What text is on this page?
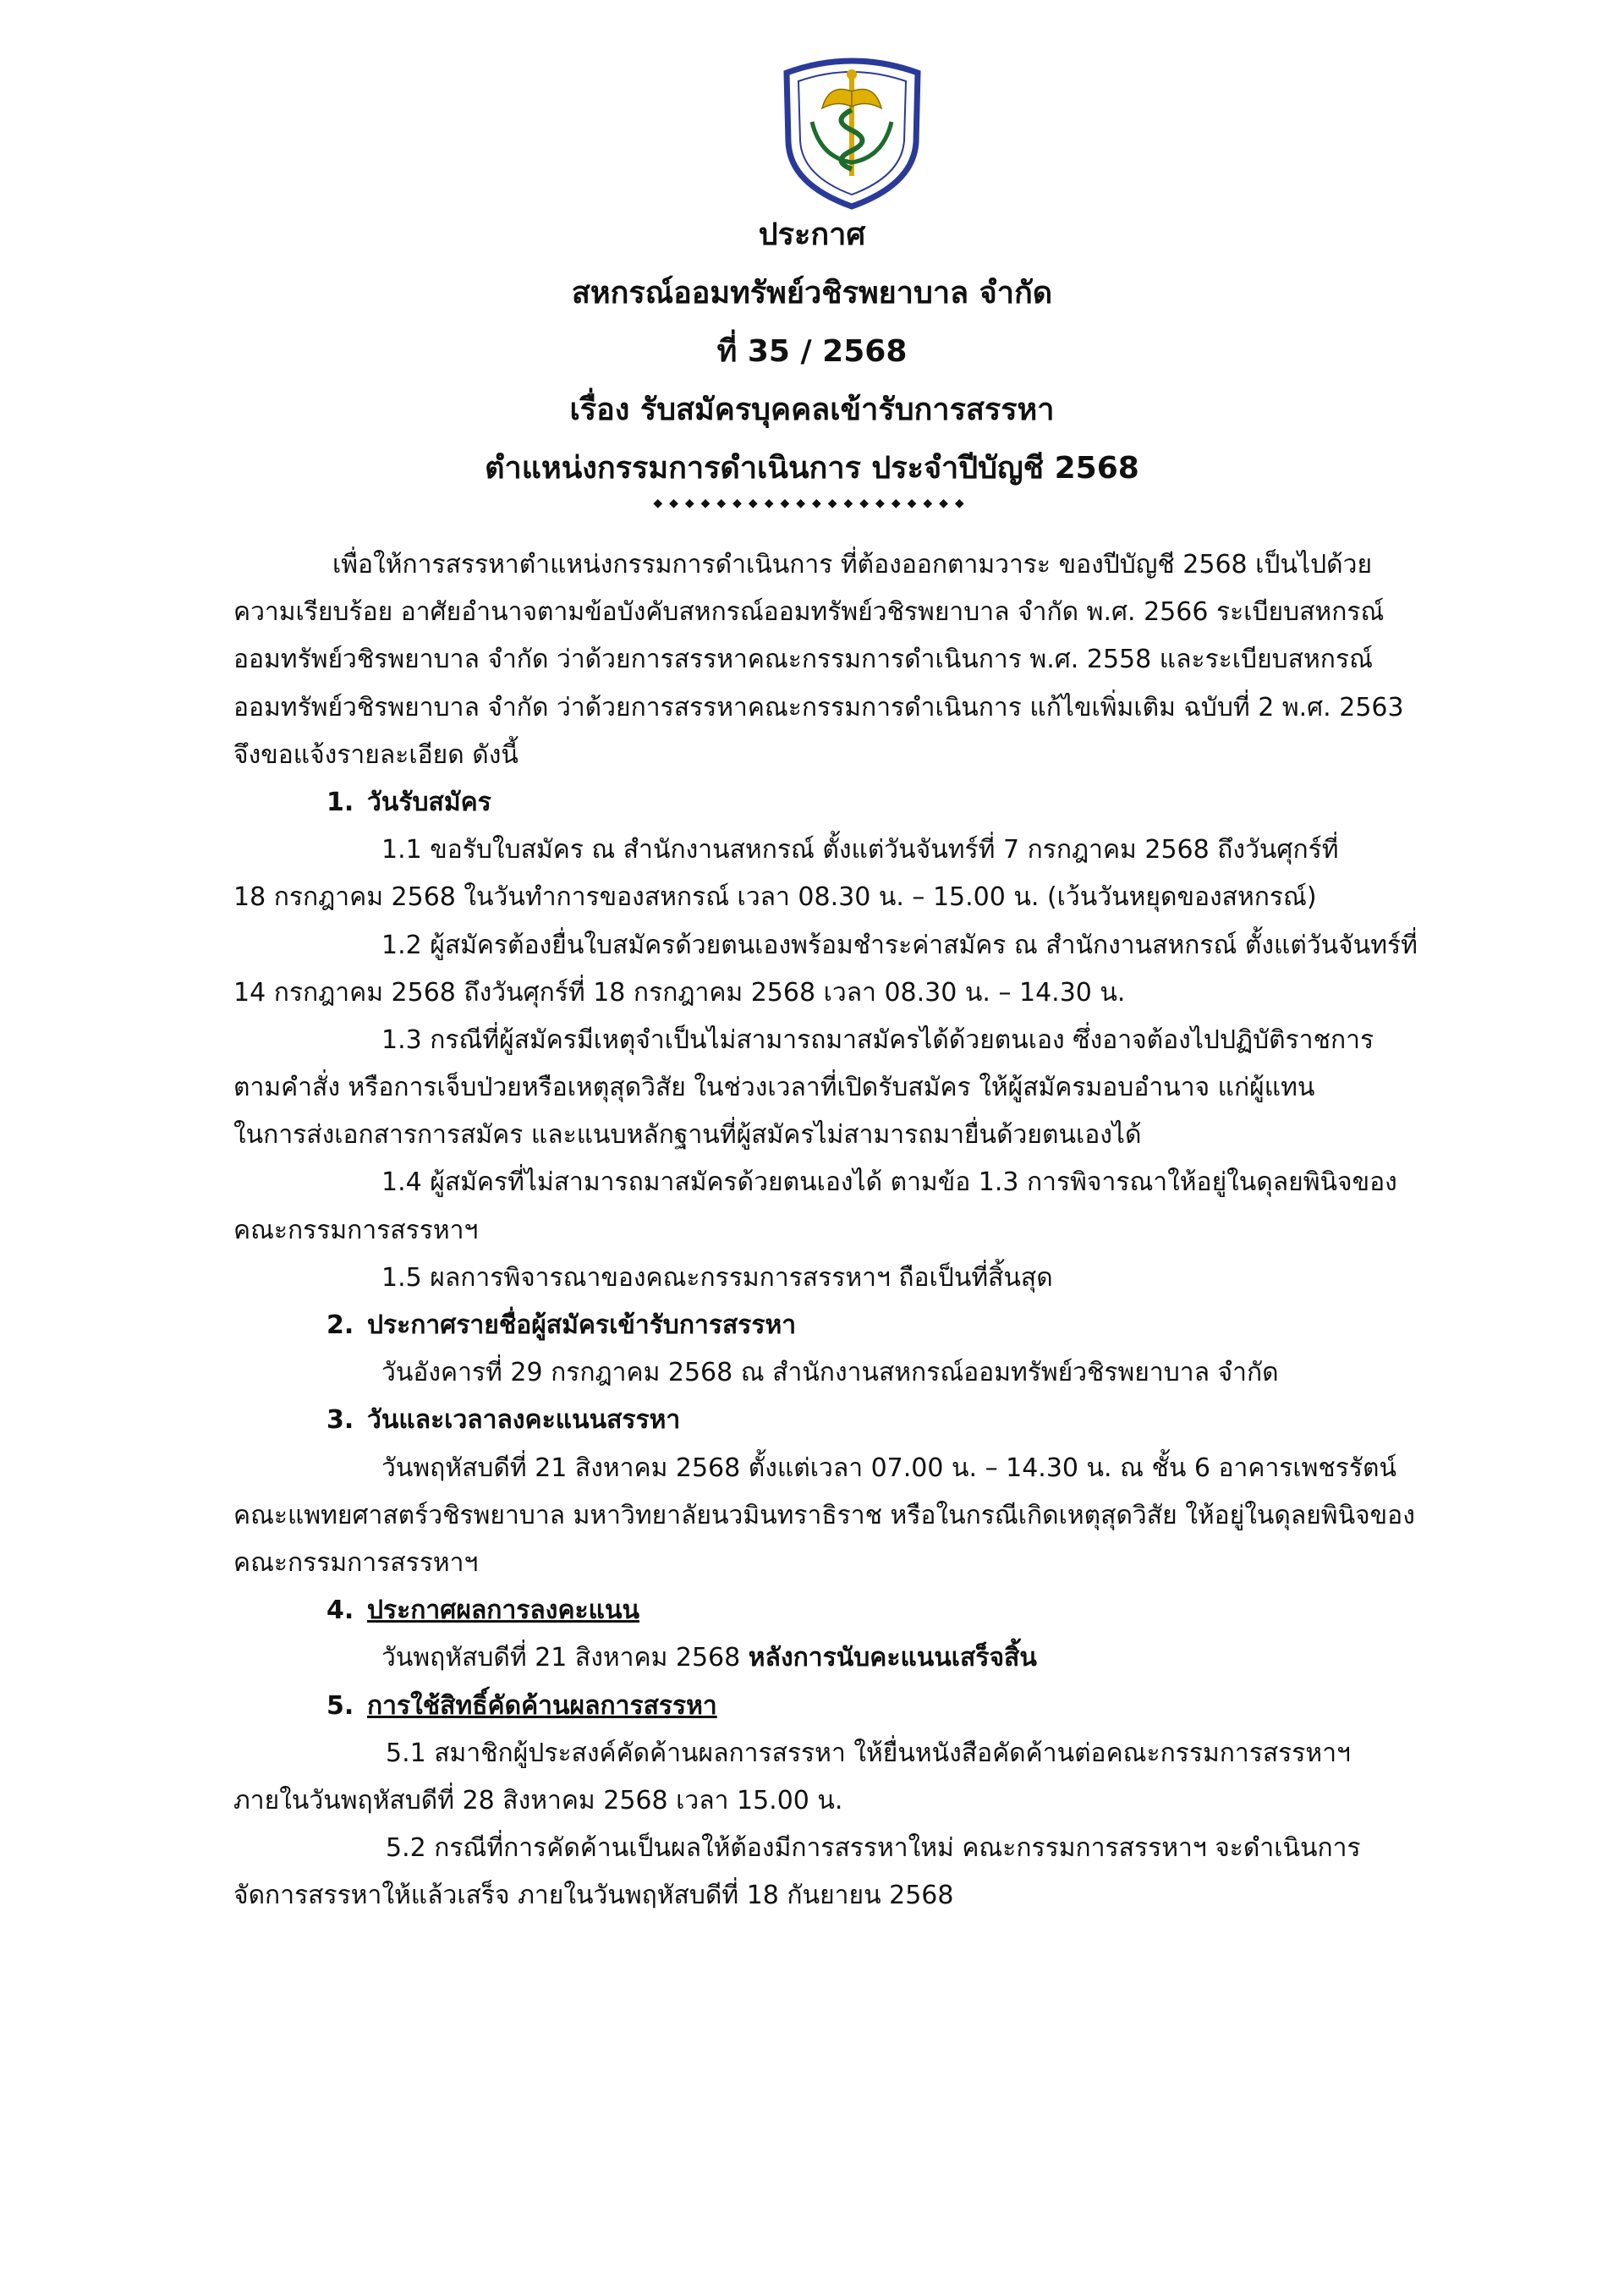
ประกาศ
สหกรณ์ออมทรัพย์วชิรพยาบาล จำกัด
ที่ 35 / 2568
เรื่อง รับสมัครบุคคลเข้ารับการสรรหา
ตำแหน่งกรรมการดำเนินการ ประจำปีบัญชี 2568
◆◆◆◆◆◆◆◆◆◆◆◆◆◆◆◆◆◆◆◆
เพื่อให้การสรรหาตำแหน่งกรรมการดำเนินการ ที่ต้องออกตามวาระ ของปีบัญชี 2568 เป็นไปด้วย
ความเรียบร้อย อาศัยอำนาจตามข้อบังคับสหกรณ์ออมทรัพย์วชิรพยาบาล จำกัด พ.ศ. 2566 ระเบียบสหกรณ์
ออมทรัพย์วชิรพยาบาล จำกัด ว่าด้วยการสรรหาคณะกรรมการดำเนินการ พ.ศ. 2558 และระเบียบสหกรณ์
ออมทรัพย์วชิรพยาบาล จำกัด ว่าด้วยการสรรหาคณะกรรมการดำเนินการ แก้ไขเพิ่มเติม ฉบับที่ 2 พ.ศ. 2563
จึงขอแจ้งรายละเอียด ดังนี้
1. วันรับสมัคร
1.1 ขอรับใบสมัคร ณ สำนักงานสหกรณ์ ตั้งแต่วันจันทร์ที่ 7 กรกฎาคม 2568 ถึงวันศุกร์ที่
18 กรกฎาคม 2568 ในวันทำการของสหกรณ์ เวลา 08.30 น. – 15.00 น. (เว้นวันหยุดของสหกรณ์)
1.2 ผู้สมัครต้องยื่นใบสมัครด้วยตนเองพร้อมชำระค่าสมัคร ณ สำนักงานสหกรณ์ ตั้งแต่วันจันทร์ที่
14 กรกฎาคม 2568 ถึงวันศุกร์ที่ 18 กรกฎาคม 2568 เวลา 08.30 น. – 14.30 น.
1.3 กรณีที่ผู้สมัครมีเหตุจำเป็นไม่สามารถมาสมัครได้ด้วยตนเอง ซึ่งอาจต้องไปปฏิบัติราชการ
ตามคำสั่ง หรือการเจ็บป่วยหรือเหตุสุดวิสัย ในช่วงเวลาที่เปิดรับสมัคร ให้ผู้สมัครมอบอำนาจ แก่ผู้แทน
ในการส่งเอกสารการสมัคร และแนบหลักฐานที่ผู้สมัครไม่สามารถมายื่นด้วยตนเองได้
1.4 ผู้สมัครที่ไม่สามารถมาสมัครด้วยตนเองได้ ตามข้อ 1.3 การพิจารณาให้อยู่ในดุลยพินิจของ
คณะกรรมการสรรหาฯ
1.5 ผลการพิจารณาของคณะกรรมการสรรหาฯ ถือเป็นที่สิ้นสุด
2. ประกาศรายชื่อผู้สมัครเข้ารับการสรรหา
วันอังคารที่ 29 กรกฎาคม 2568 ณ สำนักงานสหกรณ์ออมทรัพย์วชิรพยาบาล จำกัด
3. วันและเวลาลงคะแนนสรรหา
วันพฤหัสบดีที่ 21 สิงหาคม 2568 ตั้งแต่เวลา 07.00 น. – 14.30 น. ณ ชั้น 6 อาคารเพชรรัตน์
คณะแพทยศาสตร์วชิรพยาบาล มหาวิทยาลัยนวมินทราธิราช หรือในกรณีเกิดเหตุสุดวิสัย ให้อยู่ในดุลยพินิจของ
คณะกรรมการสรรหาฯ
4. ประกาศผลการลงคะแนน
วันพฤหัสบดีที่ 21 สิงหาคม 2568 หลังการนับคะแนนเสร็จสิ้น
5. การใช้สิทธิ์คัดค้านผลการสรรหา
5.1 สมาชิกผู้ประสงค์คัดค้านผลการสรรหา ให้ยื่นหนังสือคัดค้านต่อคณะกรรมการสรรหาฯ
ภายในวันพฤหัสบดีที่ 28 สิงหาคม 2568 เวลา 15.00 น.
5.2 กรณีที่การคัดค้านเป็นผลให้ต้องมีการสรรหาใหม่ คณะกรรมการสรรหาฯ จะดำเนินการ
จัดการสรรหาให้แล้วเสร็จ ภายในวันพฤหัสบดีที่ 18 กันยายน 2568
